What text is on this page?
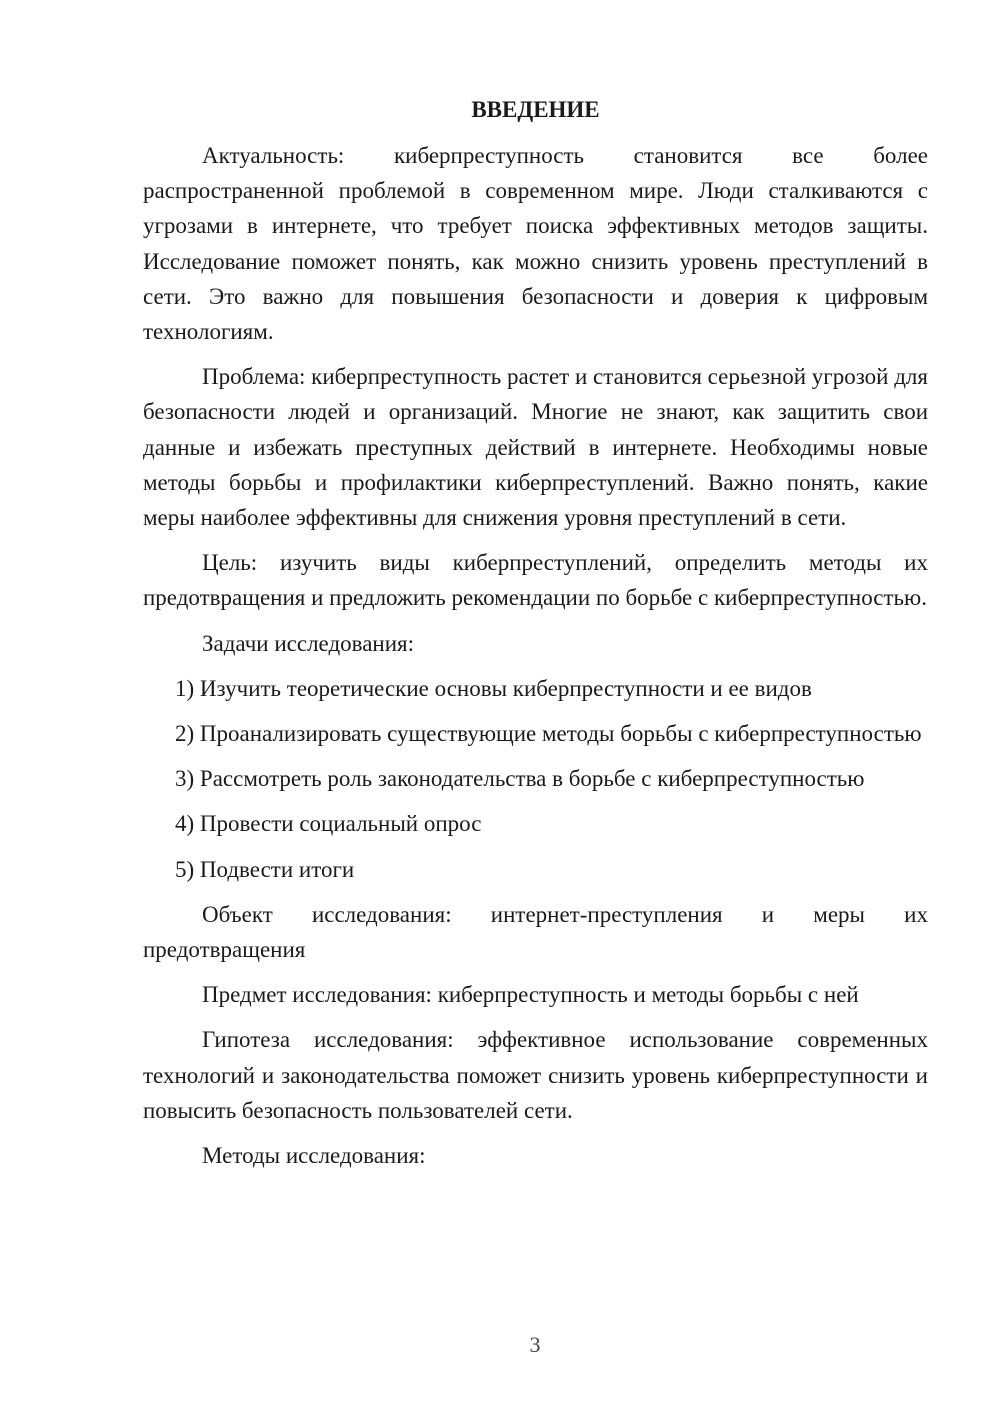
ВВЕДЕНИЕ
Актуальность: киберпреступность становится все более распространенной проблемой в современном мире. Люди сталкиваются с угрозами в интернете, что требует поиска эффективных методов защиты. Исследование поможет понять, как можно снизить уровень преступлений в сети. Это важно для повышения безопасности и доверия к цифровым технологиям.
Проблема: киберпреступность растет и становится серьезной угрозой для безопасности людей и организаций. Многие не знают, как защитить свои данные и избежать преступных действий в интернете. Необходимы новые методы борьбы и профилактики киберпреступлений. Важно понять, какие меры наиболее эффективны для снижения уровня преступлений в сети.
Цель: изучить виды киберпреступлений, определить методы их предотвращения и предложить рекомендации по борьбе с киберпреступностью.
Задачи исследования:
1) Изучить теоретические основы киберпреступности и ее видов
2) Проанализировать существующие методы борьбы с киберпреступностью
3) Рассмотреть роль законодательства в борьбе с киберпреступностью
4) Провести социальный опрос
5) Подвести итоги
Объект исследования: интернет-преступления и меры их предотвращения
Предмет исследования: киберпреступность и методы борьбы с ней
Гипотеза исследования: эффективное использование современных технологий и законодательства поможет снизить уровень киберпреступности и повысить безопасность пользователей сети.
Методы исследования:
3
